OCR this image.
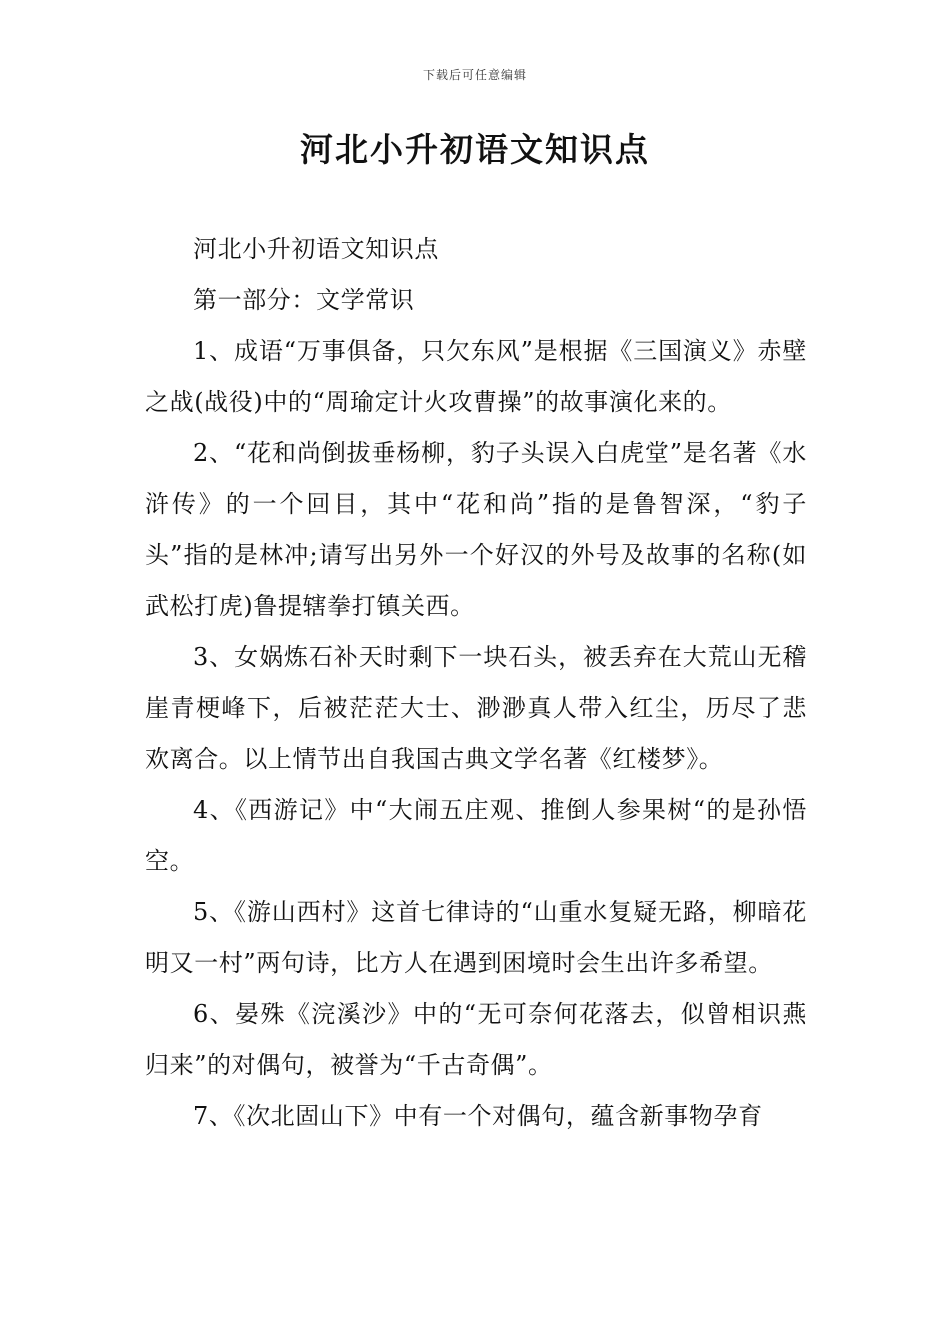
下载后可任意编辑
河北小升初语文知识点

河北小升初语文知识点

第一部分：文学常识

1、成语“万事俱备，只欠东风”是根据《三国演义》赤壁之战(战役)中的“周瑜定计火攻曹操”的故事演化来的。

2、“花和尚倒拔垂杨柳，豹子头误入白虎堂”是名著《水浒传》的一个回目，其中“花和尚”指的是鲁智深，“豹子头”指的是林冲;请写出另外一个好汉的外号及故事的名称(如武松打虎)鲁提辖拳打镇关西。

3、女娲炼石补天时剩下一块石头，被丢弃在大荒山无稽崖青梗峰下，后被茫茫大士、渺渺真人带入红尘，历尽了悲欢离合。以上情节出自我国古典文学名著《红楼梦》。

4、《西游记》中“大闹五庄观、推倒人参果树“的是孙悟空。

5、《游山西村》这首七律诗的“山重水复疑无路，柳暗花明又一村”两句诗，比方人在遇到困境时会生出许多希望。

6、晏殊《浣溪沙》中的“无可奈何花落去，似曾相识燕归来”的对偶句，被誉为“千古奇偶”。

7、《次北固山下》中有一个对偶句，蕴含新事物孕育
